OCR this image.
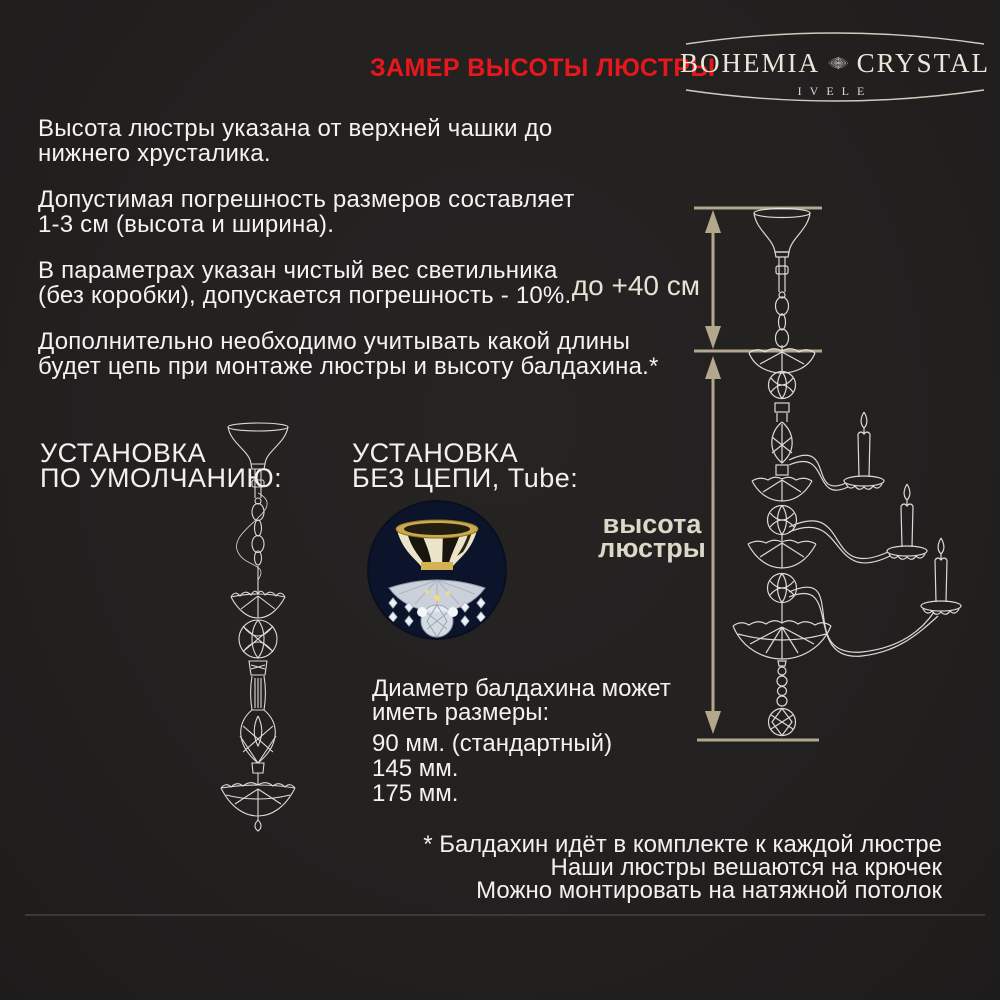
ЗАМЕР ВЫСОТЫ ЛЮСТРЫ
BOHEMIA CRYSTAL
IVELE

Высота люстры указана от верхней чашки до
нижнего хрусталика.

Допустимая погрешность размеров составляет
1-3 см (высота и ширина).

В параметрах указан чистый вес светильника
(без коробки), допускается погрешность - 10%.

Дополнительно необходимо учитывать какой длины
будет цепь при монтаже люстры и высоту балдахина.*

УСТАНОВКА
ПО УМОЛЧАНИЮ:
УСТАНОВКА
БЕЗ ЦЕПИ, Tube:
Диаметр балдахина может
иметь размеры:
90 мм. (стандартный)
145 мм.
175 мм.
до +40 см
высота
люстры
* Балдахин идёт в комплекте к каждой люстре
Наши люстры вешаются на крючек
Можно монтировать на натяжной потолок
